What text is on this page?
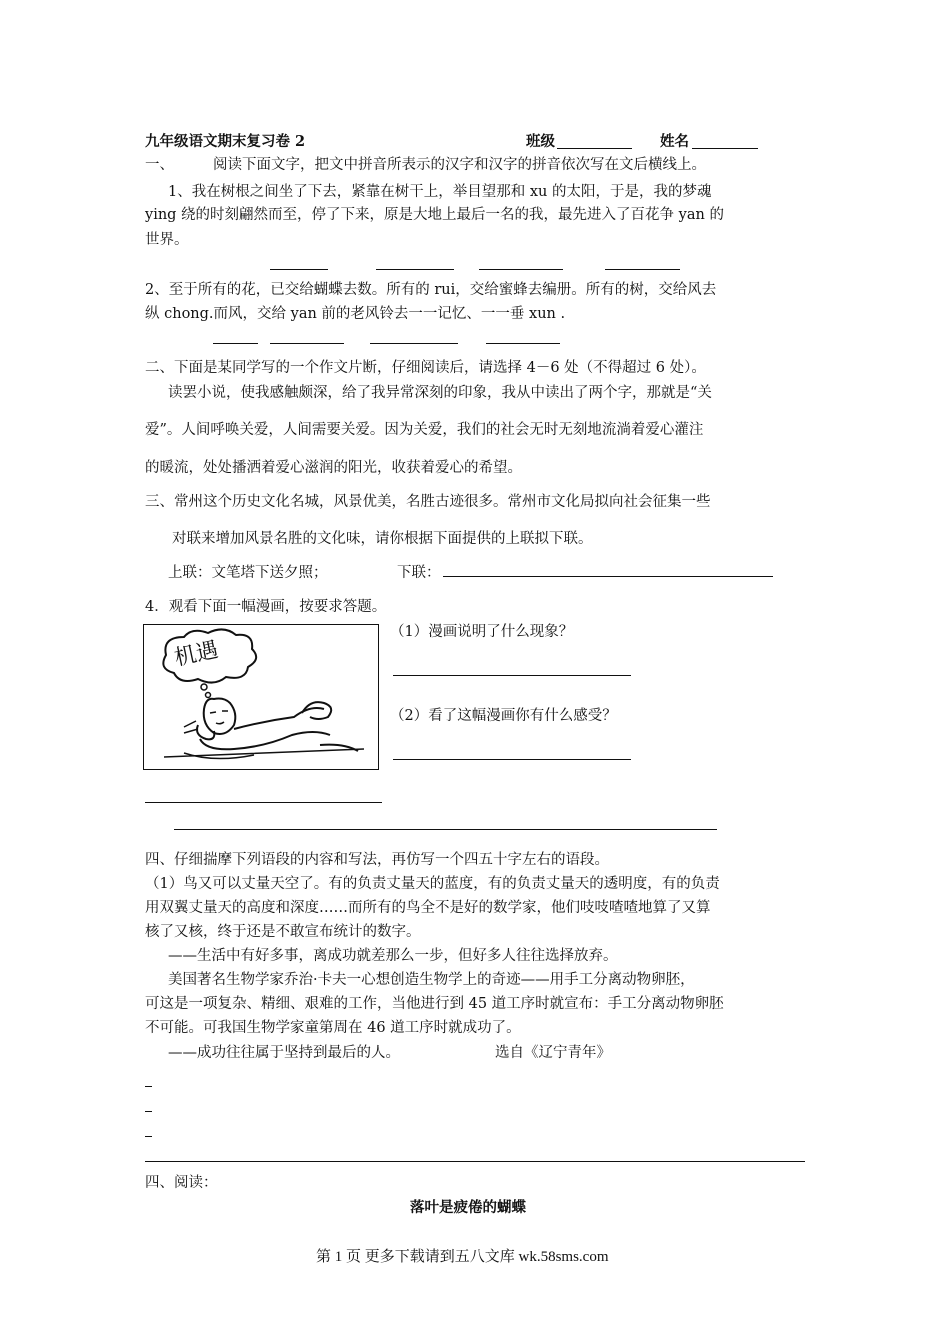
九年级语文期末复习卷 2	班级	姓名
一、	阅读下面文字，把文中拼音所表示的汉字和汉字的拼音依次写在文后横线上。
1、我在树根之间坐了下去，紧靠在树干上，举目望那和 xu 的太阳，于是，我的梦魂
ying 绕的时刻翩然而至，停了下来，原是大地上最后一名的我，最先进入了百花争 yan 的
世界。
2、至于所有的花，已交给蝴蝶去数。所有的 rui，交给蜜蜂去编册。所有的树，交给风去
纵 chong.而风，交给 yan 前的老风铃去一一记忆、一一垂 xun .
二、下面是某同学写的一个作文片断，仔细阅读后，请选择 4－6 处（不得超过 6 处）。
读罢小说，使我感触颇深，给了我异常深刻的印象，我从中读出了两个字，那就是“关
爱”。人间呼唤关爱，人间需要关爱。因为关爱，我们的社会无时无刻地流淌着爱心灌注
的暖流，处处播洒着爱心滋润的阳光，收获着爱心的希望。
三、常州这个历史文化名城，风景优美，名胜古迹很多。常州市文化局拟向社会征集一些
对联来增加风景名胜的文化味，请你根据下面提供的上联拟下联。
上联：文笔塔下送夕照；	下联：
4．观看下面一幅漫画，按要求答题。
机遇
（1）漫画说明了什么现象？
（2）看了这幅漫画你有什么感受？
四、仔细揣摩下列语段的内容和写法，再仿写一个四五十字左右的语段。
（1）鸟又可以丈量天空了。有的负责丈量天的蓝度，有的负责丈量天的透明度，有的负责
用双翼丈量天的高度和深度……而所有的鸟全不是好的数学家，他们吱吱喳喳地算了又算
核了又核，终于还是不敢宣布统计的数字。
——生活中有好多事，离成功就差那么一步，但好多人往往选择放弃。
美国著名生物学家乔治·卡夫一心想创造生物学上的奇迹——用手工分离动物卵胚，
可这是一项复杂、精细、艰难的工作，当他进行到 45 道工序时就宣布：手工分离动物卵胚
不可能。可我国生物学家童第周在 46 道工序时就成功了。
——成功往往属于坚持到最后的人。	选自《辽宁青年》
四、阅读：
落叶是疲倦的蝴蝶
第 1 页 更多下载请到五八文库 wk.58sms.com
